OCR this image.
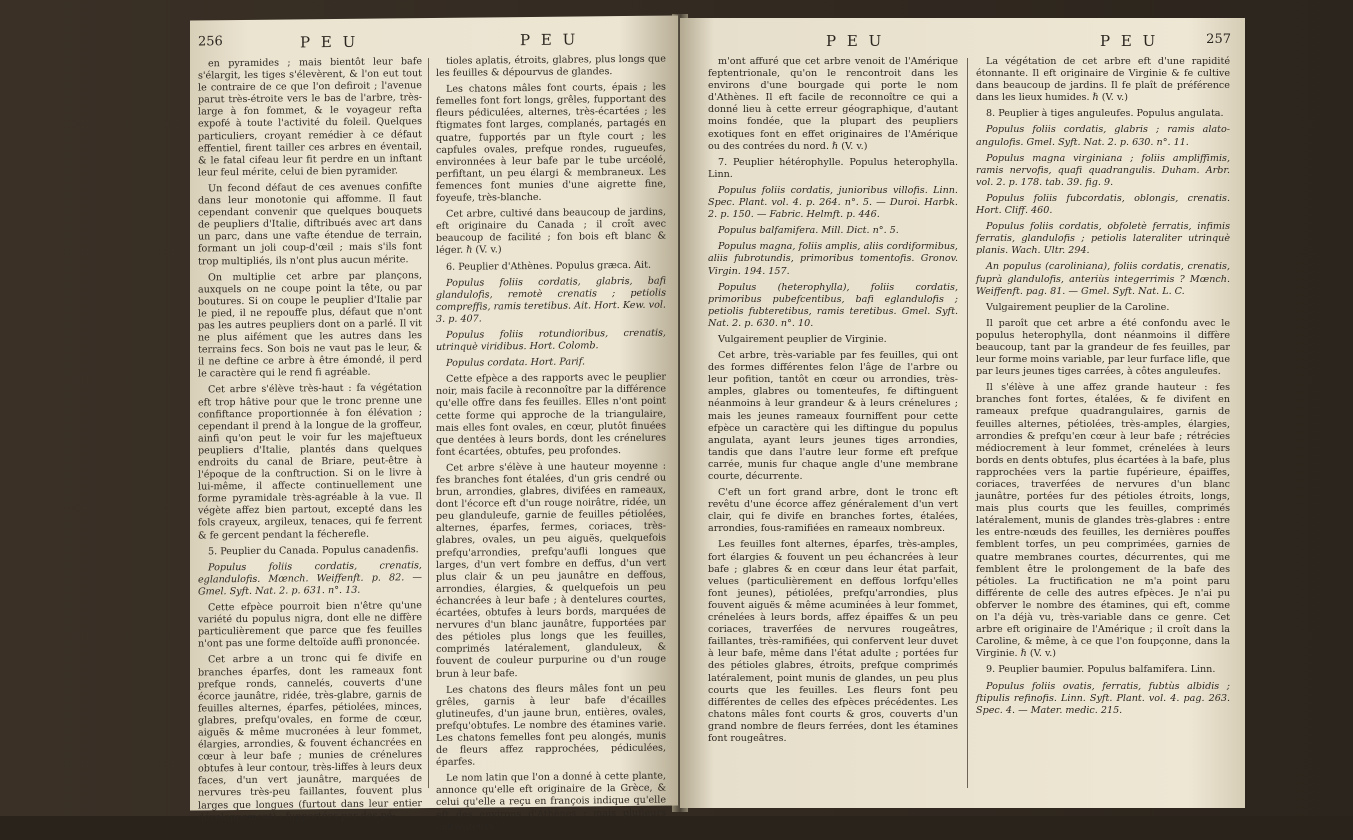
256	P E U	P E U

en pyramides ; mais bientôt leur bafe s'élargit, les tiges s'élevèrent, & l'on eut tout le contraire de ce que l'on defiroit ; l'avenue parut très-étroite vers le bas de l'arbre, très-large à fon fommet, & le voyageur refta expofé à toute l'activité du foleil. Quelques particuliers, croyant remédier à ce défaut effentiel, firent tailler ces arbres en éventail, & le fatal cifeau leur fit perdre en un inftant leur feul mérite, celui de bien pyramider.

Un fecond défaut de ces avenues confifte dans leur monotonie qui affomme. Il faut cependant convenir que quelques bouquets de peupliers d'Italie, diftribués avec art dans un parc, dans une vafte étendue de terrain, formant un joli coup-d'œil ; mais s'ils font trop multipliés, ils n'ont plus aucun mérite.

On multiplie cet arbre par plançons, auxquels on ne coupe point la tête, ou par boutures. Si on coupe le peuplier d'Italie par le pied, il ne repouffe plus, défaut que n'ont pas les autres peupliers dont on a parlé. Il vit ne plus aifément que les autres dans les terrains fecs. Son bois ne vaut pas le leur, & il ne deftine ce arbre à être émondé, il perd le caractère qui le rend fi agréable.

Cet arbre s'élève très-haut : fa végétation eft trop hâtive pour que le tronc prenne une confiftance proportionnée à fon élévation ; cependant il prend à la longue de la groffeur, ainfi qu'on peut le voir fur les majeftueux peupliers d'Italie, plantés dans quelques endroits du canal de Briare, peut-être à l'époque de la conftruction. Si on le livre à lui-même, il affecte continuellement une forme pyramidale très-agréable à la vue. Il végète affez bien partout, excepté dans les fols crayeux, argileux, tenaces, qui fe ferrent & fe gercent pendant la fécherefle.

5. Peuplier du Canada. Populus canadenfis.

Populus foliis cordatis, crenatis, eglandulofis. Mœnch. Weiffenft. p. 82. — Gmel. Syft. Nat. 2. p. 631. n°. 13.

Cette efpèce pourroit bien n'être qu'une variété du populus nigra, dont elle ne diffère particulièrement que parce que fes feuilles n'ont pas une forme deltoïde auffi prononcée.

Cet arbre a un tronc qui fe divife en branches éparfes, dont les rameaux font prefque ronds, cannelés, couverts d'une écorce jaunâtre, ridée, très-glabre, garnis de feuilles alternes, éparfes, pétiolées, minces, glabres, prefqu'ovales, en forme de cœur, aiguës & même mucronées à leur fommet, élargies, arrondies, & fouvent échancrées en cœur à leur bafe ; munies de crénelures obtufes à leur contour, très-liffes à leurs deux faces, d'un vert jaunâtre, marquées de nervures très-peu faillantes, fouvent plus larges que longues (furtout dans leur entier développement) ; fupportées par des pé-

tioles aplatis, étroits, glabres, plus longs que les feuilles & dépourvus de glandes.

Les chatons mâles font courts, épais ; les femelles font fort longs, grêles, fupportant des fleurs pédiculées, alternes, très-écartées ; les ftigmates font larges, complanés, partagés en quatre, fupportés par un ftyle court ; les capfules ovales, prefque rondes, rugueufes, environnées à leur bafe par le tube urcéolé, perfiftant, un peu élargi & membraneux. Les femences font munies d'une aigrette fine, foyeufe, très-blanche.

Cet arbre, cultivé dans beaucoup de jardins, eft originaire du Canada ; il croît avec beaucoup de facilité ; fon bois eft blanc & léger. ℏ (V. v.)

6. Peuplier d'Athènes. Populus græca. Ait.

Populus foliis cordatis, glabris, bafi glandulofis, remotè crenatis ; petiolis compreffis, ramis teretibus. Ait. Hort. Kew. vol. 3. p. 407.

Populus foliis rotundioribus, crenatis, utrinquè viridibus. Hort. Colomb.

Populus cordata. Hort. Parif.

Cette efpèce a des rapports avec le peuplier noir, mais facile à reconnoître par la différence qu'elle offre dans fes feuilles. Elles n'ont point cette forme qui approche de la triangulaire, mais elles font ovales, en cœur, plutôt finuées que dentées à leurs bords, dont les crénelures font écartées, obtufes, peu profondes.

Cet arbre s'élève à une hauteur moyenne : fes branches font étalées, d'un gris cendré ou brun, arrondies, glabres, divifées en rameaux, dont l'écorce eft d'un rouge noirâtre, ridée, un peu glanduleufe, garnie de feuilles pétiolées, alternes, éparfes, fermes, coriaces, très-glabres, ovales, un peu aiguës, quelquefois prefqu'arrondies, prefqu'aufli longues que larges, d'un vert fombre en deffus, d'un vert plus clair & un peu jaunâtre en deffous, arrondies, élargies, & quelquefois un peu échancrées à leur bafe ; à dentelures courtes, écartées, obtufes à leurs bords, marquées de nervures d'un blanc jaunâtre, fupportées par des pétioles plus longs que les feuilles, comprimés latéralement, glanduleux, & fouvent de couleur purpurine ou d'un rouge brun à leur bafe.

Les chatons des fleurs mâles font un peu grêles, garnis à leur bafe d'écailles glutineufes, d'un jaune brun, entières, ovales, prefqu'obtufes. Le nombre des étamines varie. Les chatons femelles font peu alongés, munis de fleurs affez rapprochées, pédiculées, éparfes.

Le nom latin que l'on a donné à cette plante, annonce qu'elle eft originaire de la Grèce, & celui qu'elle a reçu en françois indique qu'elle eft des environs d'Athènes ; mais plufieurs cultivateurs

P E U	P E U	257

m'ont affuré que cet arbre venoit de l'Amérique feptentrionale, qu'on le rencontroit dans les environs d'une bourgade qui porte le nom d'Athènes. Il eft facile de reconnoître ce qui a donné lieu à cette erreur géographique, d'autant moins fondée, que la plupart des peupliers exotiques font en effet originaires de l'Amérique ou des contrées du nord. ℏ (V. v.)

7. Peuplier hétérophylle. Populus heterophylla. Linn.

Populus foliis cordatis, junioribus villofis. Linn. Spec. Plant. vol. 4. p. 264. n°. 5. — Duroi. Harbk. 2. p. 150. — Fabric. Helmft. p. 446.

Populus balfamifera. Mill. Dict. n°. 5.

Populus magna, foliis amplis, aliis cordiformibus, aliis fubrotundis, primoribus tomentofis. Gronov. Virgin. 194. 157.

Populus (heterophylla), foliis cordatis, primoribus pubefcentibus, bafi eglandulofis ; petiolis fubteretibus, ramis teretibus. Gmel. Syft. Nat. 2. p. 630. n°. 10.

Vulgairement peuplier de Virginie.

Cet arbre, très-variable par fes feuilles, qui ont des formes différentes felon l'âge de l'arbre ou leur pofition, tantôt en cœur ou arrondies, très-amples, glabres ou tomenteufes, fe diftinguent néanmoins à leur grandeur & à leurs crénelures ; mais les jeunes rameaux fourniffent pour cette efpèce un caractère qui les diftingue du populus angulata, ayant leurs jeunes tiges arrondies, tandis que dans l'autre leur forme eft prefque carrée, munis fur chaque angle d'une membrane courte, décurrente.

C'eft un fort grand arbre, dont le tronc eft revêtu d'une écorce affez généralement d'un vert clair, qui fe divife en branches fortes, étalées, arrondies, fous-ramifiées en rameaux nombreux.

Les feuilles font alternes, éparfes, très-amples, fort élargies & fouvent un peu échancrées à leur bafe ; glabres & en cœur dans leur état parfait, velues (particulièrement en deffous lorfqu'elles font jeunes), pétiolées, prefqu'arrondies, plus fouvent aiguës & même acuminées à leur fommet, crénelées à leurs bords, affez épaiffes & un peu coriaces, traverfées de nervures rougeâtres, faillantes, très-ramifiées, qui confervent leur duvet à leur bafe, même dans l'état adulte ; portées fur des pétioles glabres, étroits, prefque comprimés latéralement, point munis de glandes, un peu plus courts que les feuilles. Les fleurs font peu différentes de celles des efpèces précédentes. Les chatons mâles font courts & gros, couverts d'un grand nombre de fleurs ferrées, dont les étamines font rougeâtres.

La végétation de cet arbre eft d'une rapidité étonnante. Il eft originaire de Virginie & fe cultive dans beaucoup de jardins. Il fe plaît de préférence dans les lieux humides. ℏ (V. v.)

8. Peuplier à tiges anguleufes. Populus angulata.

Populus foliis cordatis, glabris ; ramis alato-angulofis. Gmel. Syft. Nat. 2. p. 630. n°. 11.

Populus magna virginiana ; foliis ampliffimis, ramis nervofis, quafi quadrangulis. Duham. Arbr. vol. 2. p. 178. tab. 39. fig. 9.

Populus foliis fubcordatis, oblongis, crenatis. Hort. Cliff. 460.

Populus foliis cordatis, obfoletè ferratis, infimis ferratis, glandulofis ; petiolis lateraliter utrinquè planis. Wach. Ultr. 294.

An populus (caroliniana), foliis cordatis, crenatis, fuprà glandulofis, anteriùs integerrimis ? Mœnch. Weiffenft. pag. 81. — Gmel. Syft. Nat. L. C.

Vulgairement peuplier de la Caroline.

Il paroît que cet arbre a été confondu avec le populus heterophylla, dont néanmoins il diffère beaucoup, tant par la grandeur de fes feuilles, par leur forme moins variable, par leur furface lifle, que par leurs jeunes tiges carrées, à côtes anguleufes.

Il s'élève à une affez grande hauteur : fes branches font fortes, étalées, & fe divifent en rameaux prefque quadrangulaires, garnis de feuilles alternes, pétiolées, très-amples, élargies, arrondies & prefqu'en cœur à leur bafe ; rétrécies médiocrement à leur fommet, crénelées à leurs bords en dents obtufes, plus écartées à la bafe, plus rapprochées vers la partie fupérieure, épaiffes, coriaces, traverfées de nervures d'un blanc jaunâtre, portées fur des pétioles étroits, longs, mais plus courts que les feuilles, comprimés latéralement, munis de glandes très-glabres : entre les entre-nœuds des feuilles, les dernières pouffes femblent torfes, un peu comprimées, garnies de quatre membranes courtes, décurrentes, qui me femblent être le prolongement de la bafe des pétioles. La fructification ne m'a point paru différente de celle des autres efpèces. Je n'ai pu obferver le nombre des étamines, qui eft, comme on l'a déjà vu, très-variable dans ce genre. Cet arbre eft originaire de l'Amérique ; il croît dans la Caroline, & même, à ce que l'on foupçonne, dans la Virginie. ℏ (V. v.)

9. Peuplier baumier. Populus balfamifera. Linn.

Populus foliis ovatis, ferratis, fubtùs albidis ; ftipulis refinofis. Linn. Syft. Plant. vol. 4. pag. 263. Spec. 4. — Mater. medic. 215.
